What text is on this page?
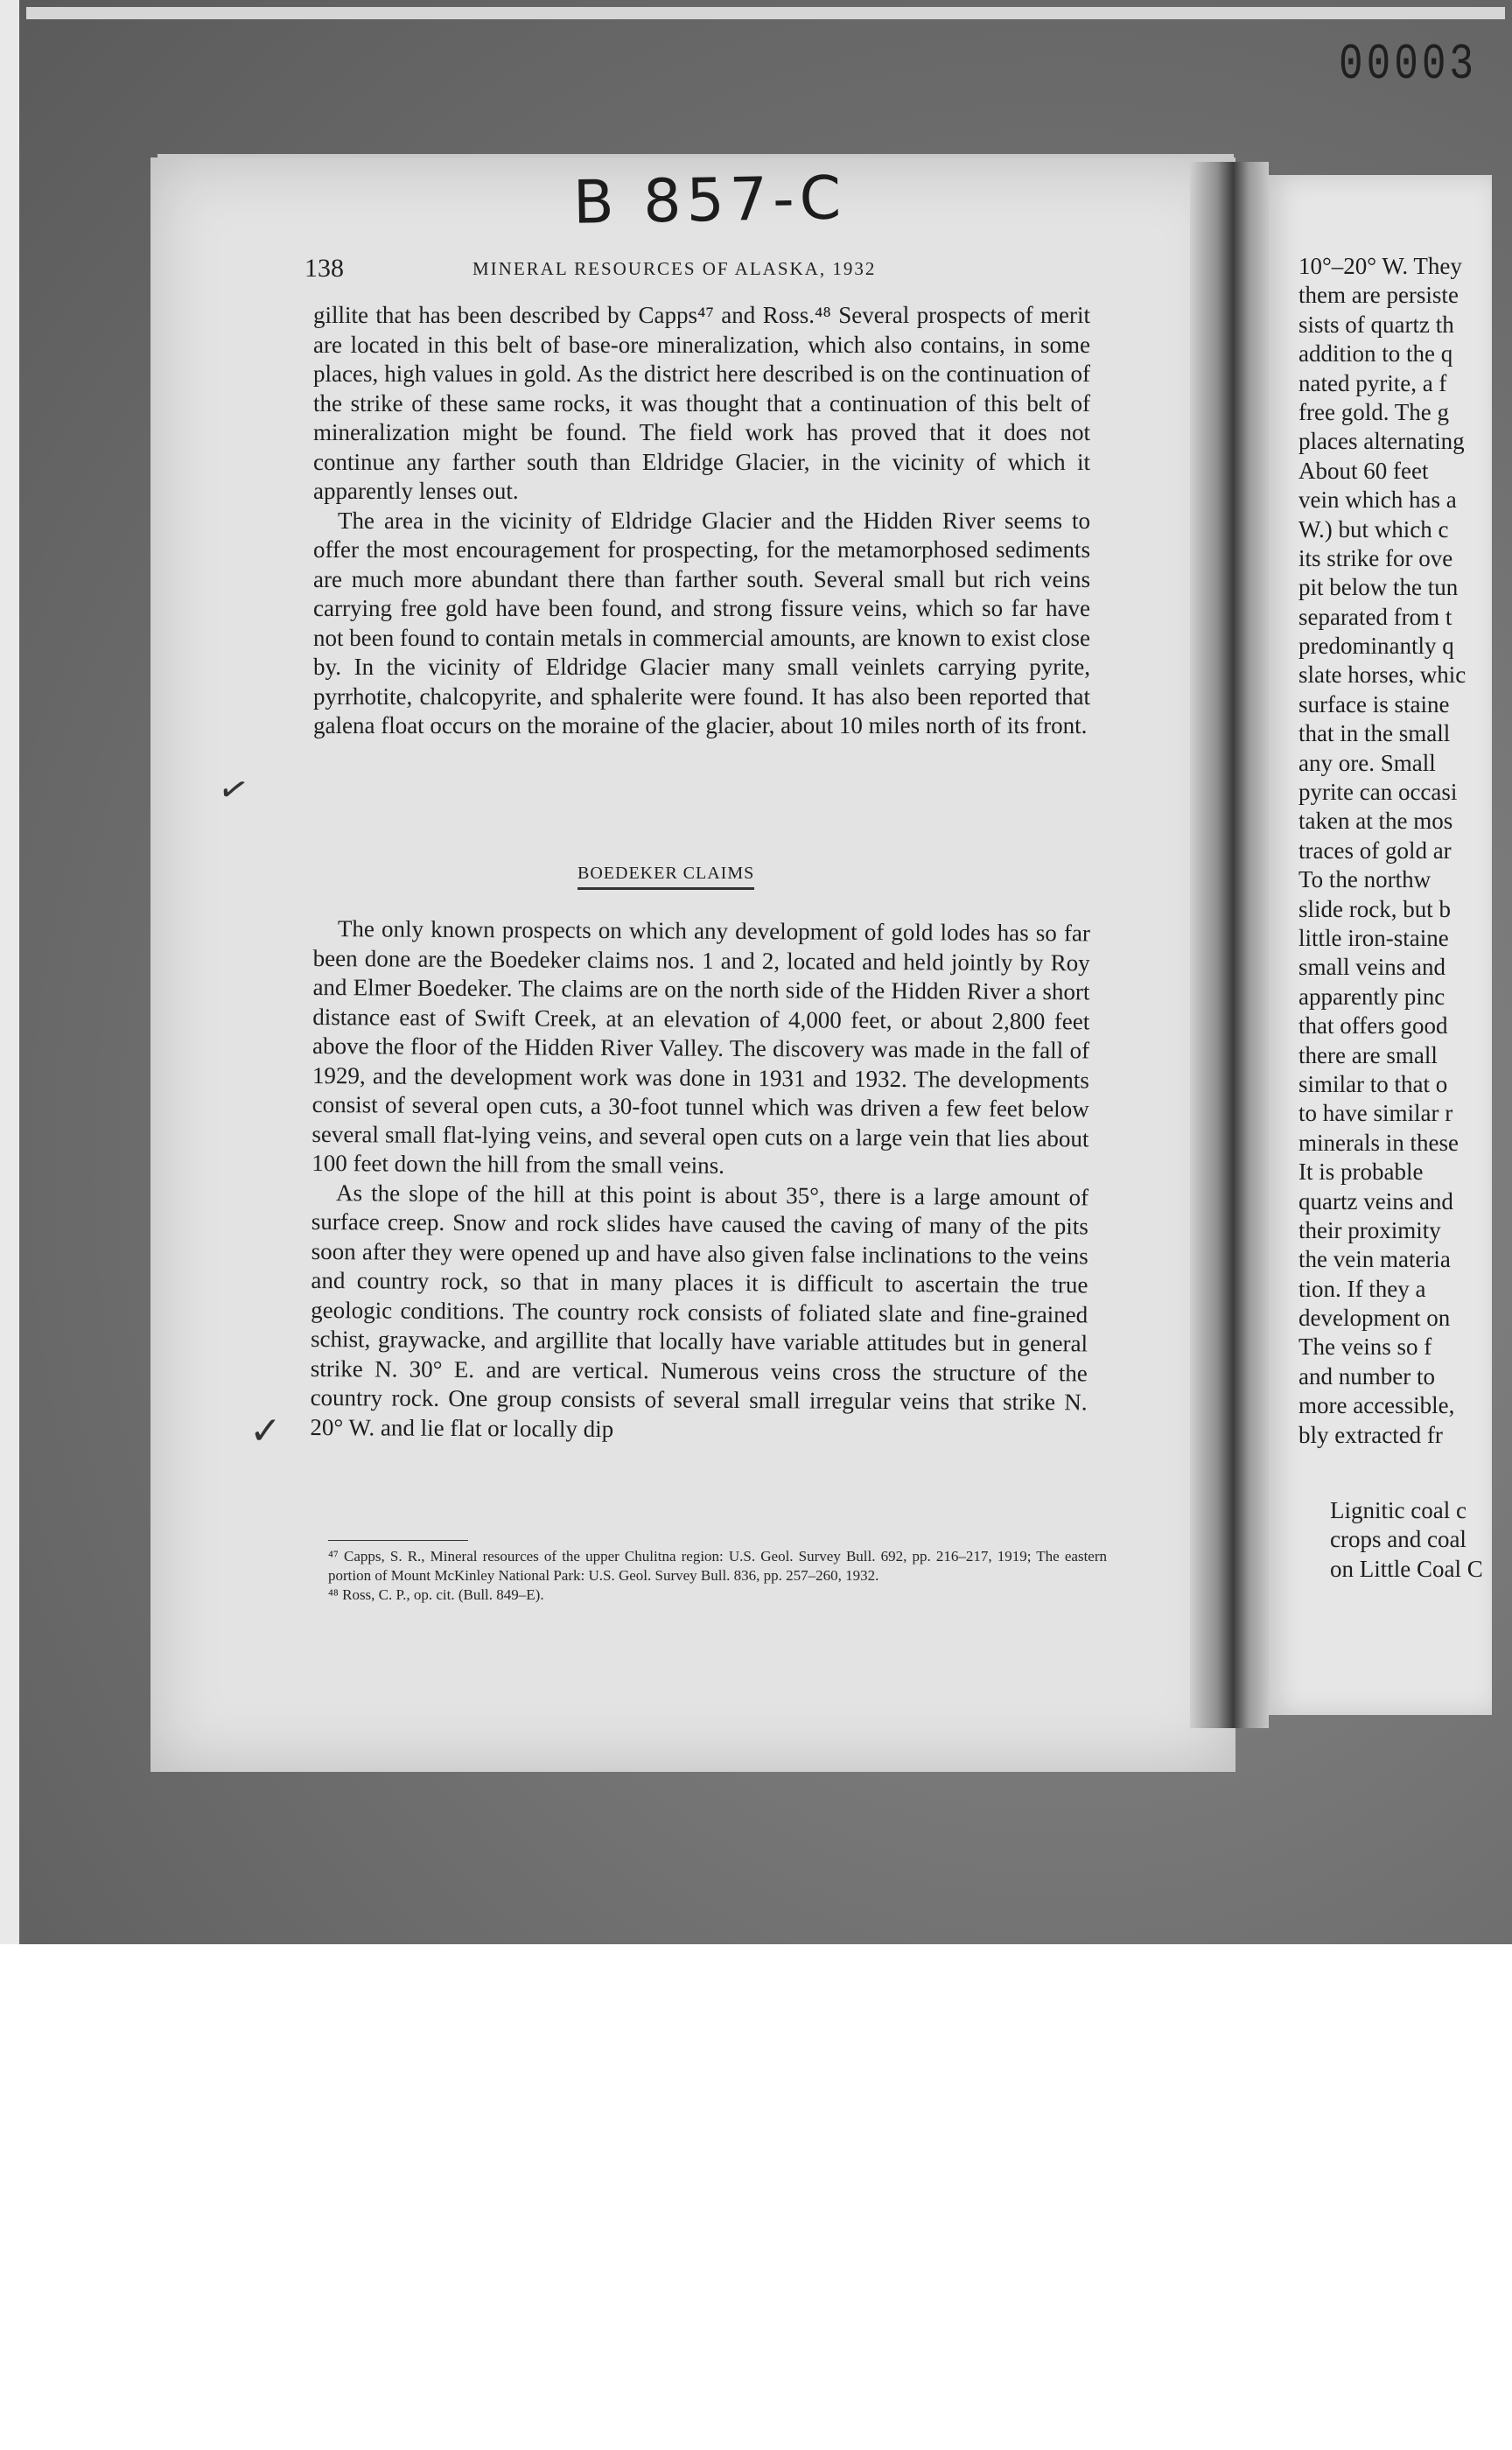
00003
B 857-C
138	MINERAL RESOURCES OF ALASKA, 1932

gillite that has been described by Capps⁴⁷ and Ross.⁴⁸ Several prospects of merit are located in this belt of base-ore mineralization, which also contains, in some places, high values in gold. As the district here described is on the continuation of the strike of these same rocks, it was thought that a continuation of this belt of mineralization might be found. The field work has proved that it does not continue any farther south than Eldridge Glacier, in the vicinity of which it apparently lenses out.

The area in the vicinity of Eldridge Glacier and the Hidden River seems to offer the most encouragement for prospecting, for the metamorphosed sediments are much more abundant there than farther south. Several small but rich veins carrying free gold have been found, and strong fissure veins, which so far have not been found to contain metals in commercial amounts, are known to exist close by. In the vicinity of Eldridge Glacier many small veinlets carrying pyrite, pyrrhotite, chalcopyrite, and sphalerite were found. It has also been reported that galena float occurs on the moraine of the glacier, about 10 miles north of its front.

BOEDEKER CLAIMS

The only known prospects on which any development of gold lodes has so far been done are the Boedeker claims nos. 1 and 2, located and held jointly by Roy and Elmer Boedeker. The claims are on the north side of the Hidden River a short distance east of Swift Creek, at an elevation of 4,000 feet, or about 2,800 feet above the floor of the Hidden River Valley. The discovery was made in the fall of 1929, and the development work was done in 1931 and 1932. The developments consist of several open cuts, a 30-foot tunnel which was driven a few feet below several small flat-lying veins, and several open cuts on a large vein that lies about 100 feet down the hill from the small veins.

As the slope of the hill at this point is about 35°, there is a large amount of surface creep. Snow and rock slides have caused the caving of many of the pits soon after they were opened up and have also given false inclinations to the veins and country rock, so that in many places it is difficult to ascertain the true geologic conditions. The country rock consists of foliated slate and fine-grained schist, graywacke, and argillite that locally have variable attitudes but in general strike N. 30° E. and are vertical. Numerous veins cross the structure of the country rock. One group consists of several small irregular veins that strike N. 20° W. and lie flat or locally dip

⁴⁷ Capps, S. R., Mineral resources of the upper Chulitna region: U.S. Geol. Survey Bull. 692, pp. 216–217, 1919; The eastern portion of Mount McKinley National Park: U.S. Geol. Survey Bull. 836, pp. 257–260, 1932.

⁴⁸ Ross, C. P., op. cit. (Bull. 849–E).

✓
✓
10°–20° W. They
them are persiste
sists of quartz th
addition to the q
nated pyrite, a f
free gold. The g
places alternating
About 60 feet
vein which has a
W.) but which c
its strike for ove
pit below the tun
separated from t
predominantly q
slate horses, whic
surface is staine
that in the small
any ore. Small
pyrite can occasi
taken at the mos
traces of gold ar
To the northw
slide rock, but b
little iron-staine
small veins and
apparently pinc
that offers good
there are small
similar to that o
to have similar r
minerals in these
It is probable
quartz veins and
their proximity
the vein materia
tion. If they a
development on
The veins so f
and number to
more accessible,
bly extracted fr
Lignitic coal c
crops and coal
on Little Coal C
